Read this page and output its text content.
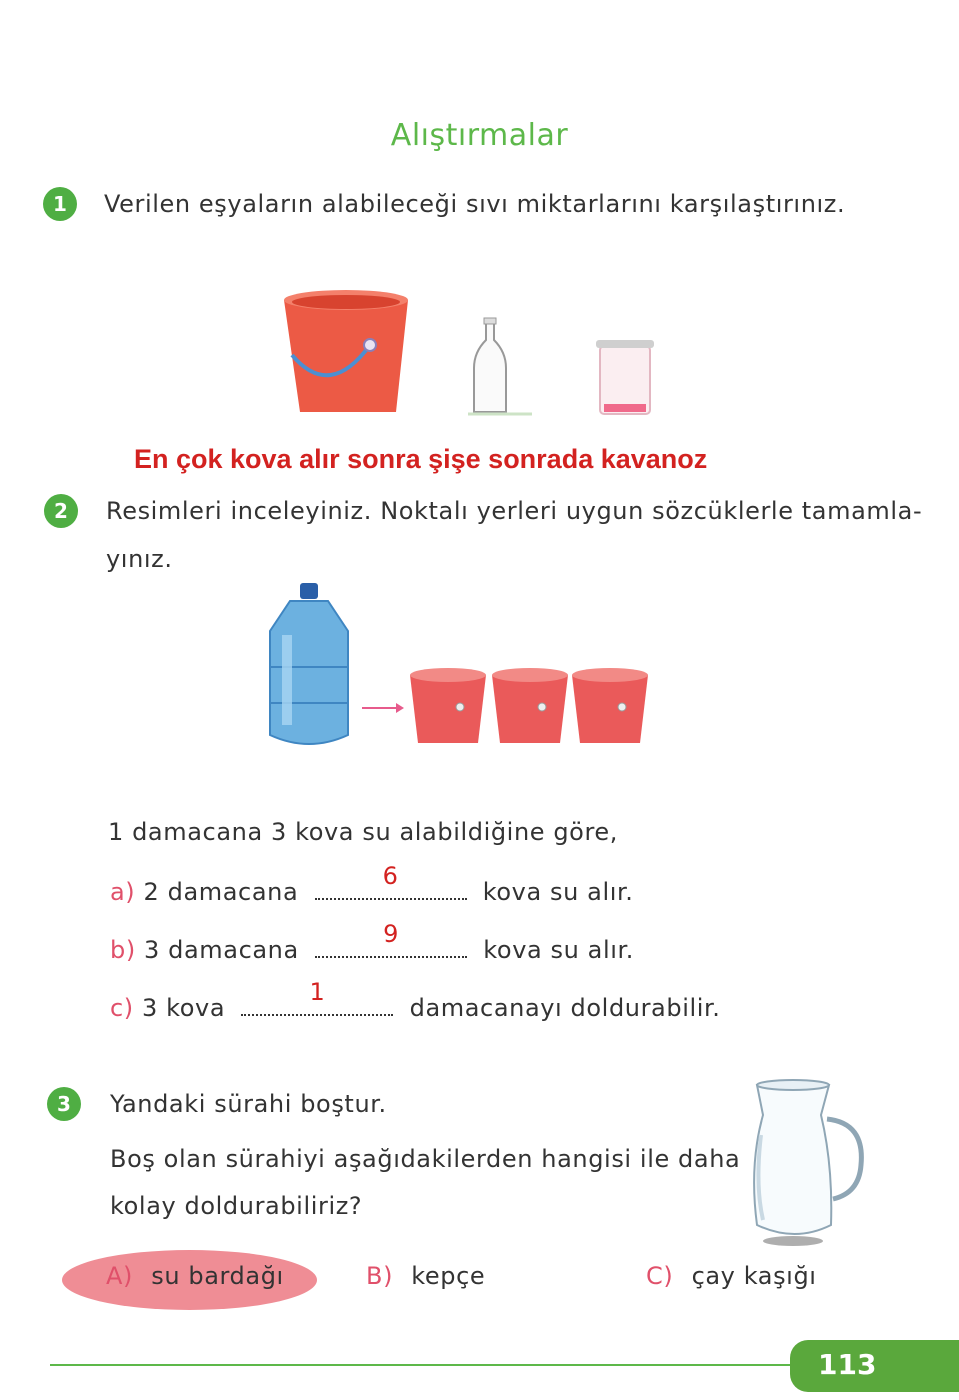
Alıştırmalar
1	Verilen eşyaların alabileceği sıvı miktarlarını karşılaştırınız.
En çok kova alır sonra şişe sonrada kavanoz
2	Resimleri inceleyiniz. Noktalı yerleri uygun sözcüklerle tamamla-
yınız.
1 damacana 3 kova su alabildiğine göre,
a) 2 damacana
6
kova su alır.
b) 3 damacana
9
kova su alır.
c) 3 kova
1
damacanayı doldurabilir.
3	Yandaki sürahi boştur.
Boş olan sürahiyi aşağıdakilerden hangisi ile daha
kolay doldurabiliriz?
A) su bardağı	B) kepçe	C) çay kaşığı
113
